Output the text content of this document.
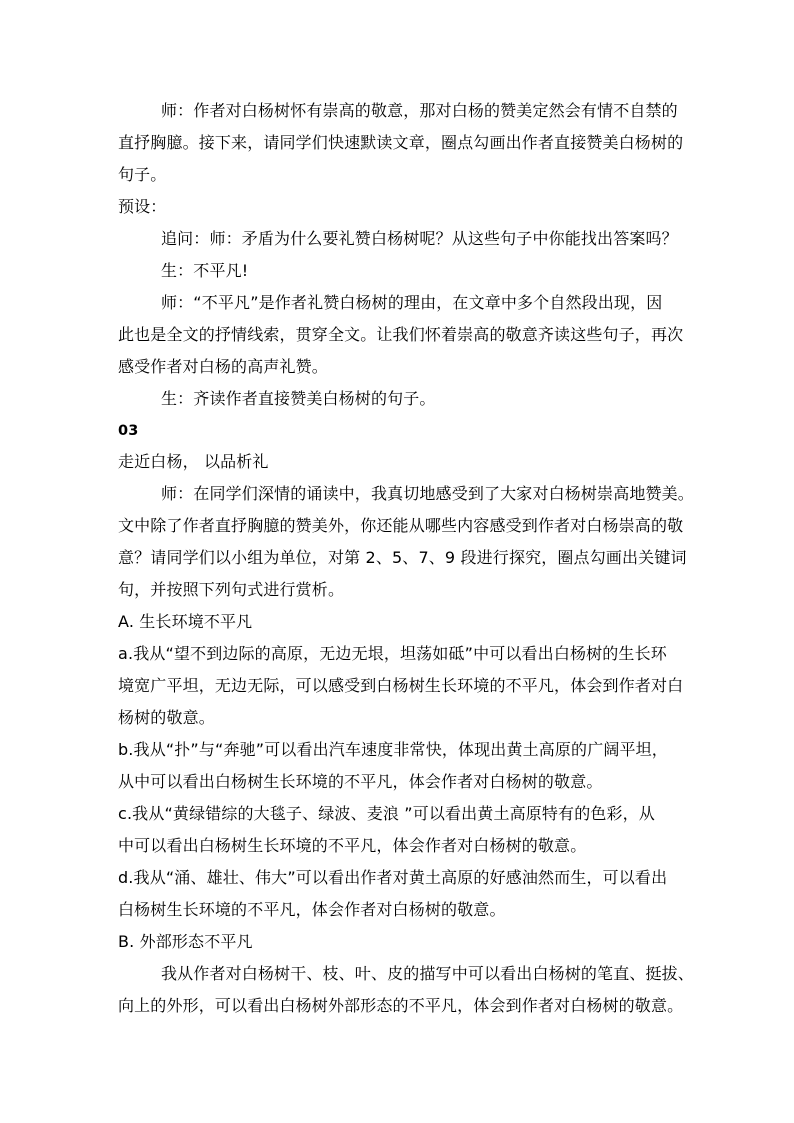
师：作者对白杨树怀有崇高的敬意，那对白杨的赞美定然会有情不自禁的
直抒胸臆。接下来，请同学们快速默读文章，圈点勾画出作者直接赞美白杨树的
句子。
预设：
追问：师：矛盾为什么要礼赞白杨树呢？从这些句子中你能找出答案吗？
生：不平凡!
师：“不平凡”是作者礼赞白杨树的理由，在文章中多个自然段出现，因
此也是全文的抒情线索，贯穿全文。让我们怀着崇高的敬意齐读这些句子，再次
感受作者对白杨的高声礼赞。
生：齐读作者直接赞美白杨树的句子。
03
走近白杨， 以品析礼
师：在同学们深情的诵读中，我真切地感受到了大家对白杨树崇高地赞美。
文中除了作者直抒胸臆的赞美外，你还能从哪些内容感受到作者对白杨崇高的敬
意？请同学们以小组为单位，对第 2、5、7、9 段进行探究，圈点勾画出关键词
句，并按照下列句式进行赏析。
A. 生长环境不平凡
a.我从“望不到边际的高原，无边无垠，坦荡如砥”中可以看出白杨树的生长环
境宽广平坦，无边无际，可以感受到白杨树生长环境的不平凡，体会到作者对白
杨树的敬意。
b.我从“扑”与“奔驰”可以看出汽车速度非常快，体现出黄土高原的广阔平坦，
从中可以看出白杨树生长环境的不平凡，体会作者对白杨树的敬意。
c.我从“黄绿错综的大毯子、绿波、麦浪 ”可以看出黄土高原特有的色彩，从
中可以看出白杨树生长环境的不平凡，体会作者对白杨树的敬意。
d.我从“涌、雄壮、伟大”可以看出作者对黄土高原的好感油然而生，可以看出
白杨树生长环境的不平凡，体会作者对白杨树的敬意。
B. 外部形态不平凡
我从作者对白杨树干、枝、叶、皮的描写中可以看出白杨树的笔直、挺拔、
向上的外形，可以看出白杨树外部形态的不平凡，体会到作者对白杨树的敬意。
